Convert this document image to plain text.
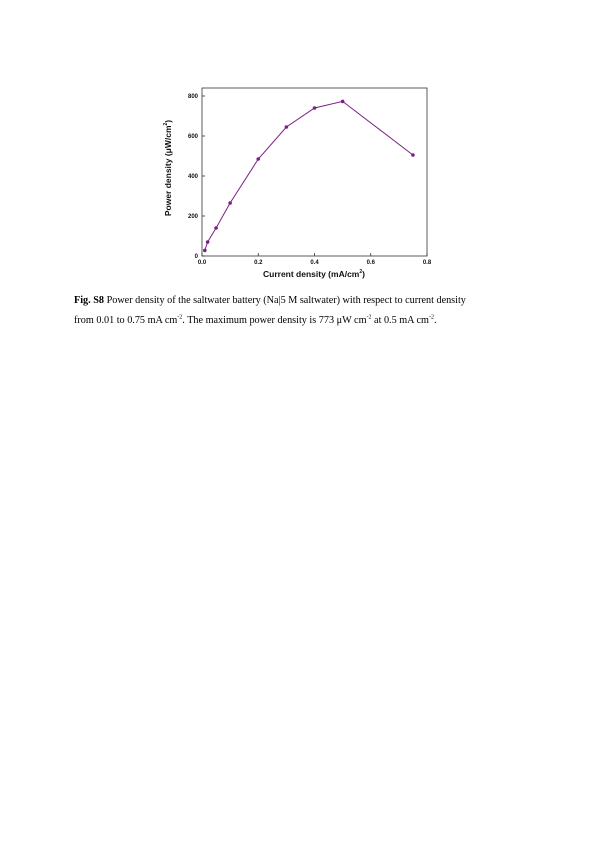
0.0	0.2	0.4	0.6	0.8
0
200
400
600
800
Current density $(mA/cm^2)$
Power density $(\mu W/cm^2)$
Fig. S8 Power density of the saltwater battery (Na|5 M saltwater) with respect to current density
from 0.01 to 0.75 mA $cm^{-2}$. The maximum power density is 773 μW $cm^{-2}$ at 0.5 mA $cm^{-2}$.
